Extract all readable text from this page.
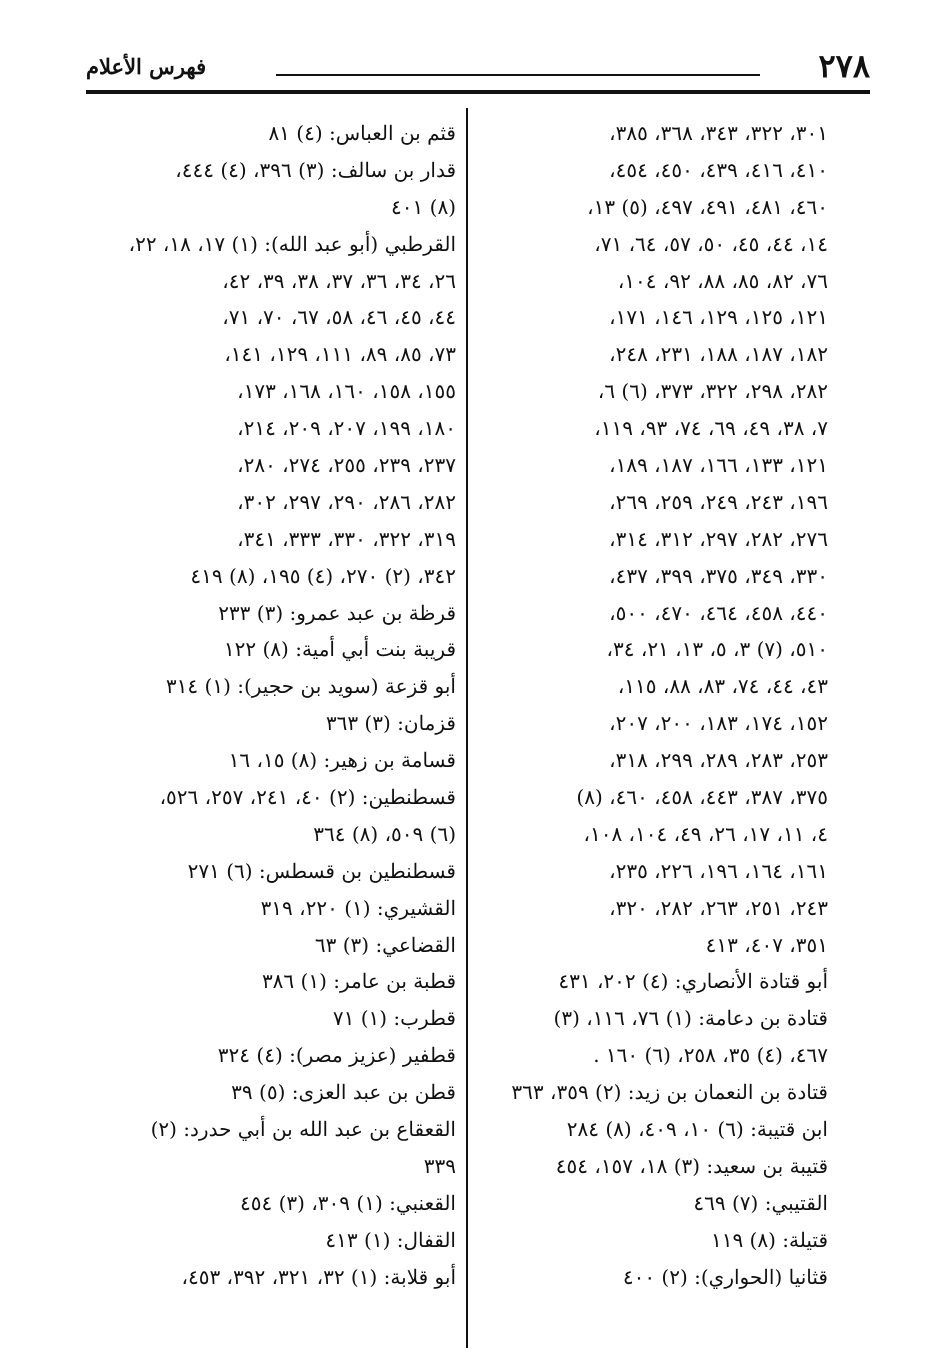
٢٧٨
فهرس الأعلام
٣٠١، ٣٢٢، ٣٤٣، ٣٦٨، ٣٨٥،
٤١٠، ٤١٦، ٤٣٩، ٤٥٠، ٤٥٤،
٤٦٠، ٤٨١، ٤٩١، ٤٩٧، (٥) ١٣،
١٤، ٤٤، ٤٥، ٥٠، ٥٧، ٦٤، ٧١،
٧٦، ٨٢، ٨٥، ٨٨، ٩٢، ١٠٤،
١٢١، ١٢٥، ١٢٩، ١٤٦، ١٧١،
١٨٢، ١٨٧، ١٨٨، ٢٣١، ٢٤٨،
٢٨٢، ٢٩٨، ٣٢٢، ٣٧٣، (٦) ٦،
٧، ٣٨، ٤٩، ٦٩، ٧٤، ٩٣، ١١٩،
١٢١، ١٣٣، ١٦٦، ١٨٧، ١٨٩،
١٩٦، ٢٤٣، ٢٤٩، ٢٥٩، ٢٦٩،
٢٧٦، ٢٨٢، ٢٩٧، ٣١٢، ٣١٤،
٣٣٠، ٣٤٩، ٣٧٥، ٣٩٩، ٤٣٧،
٤٤٠، ٤٥٨، ٤٦٤، ٤٧٠، ٥٠٠،
٥١٠، (٧) ٣، ٥، ١٣، ٢١، ٣٤،
٤٣، ٤٤، ٧٤، ٨٣، ٨٨، ١١٥،
١٥٢، ١٧٤، ١٨٣، ٢٠٠، ٢٠٧،
٢٥٣، ٢٨٣، ٢٨٩، ٢٩٩، ٣١٨،
٣٧٥، ٣٨٧، ٤٤٣، ٤٥٨، ٤٦٠، (٨)
٤، ١١، ١٧، ٢٦، ٤٩، ١٠٤، ١٠٨،
١٦١، ١٦٤، ١٩٦، ٢٢٦، ٢٣٥،
٢٤٣، ٢٥١، ٢٦٣، ٢٨٢، ٣٢٠،
٣٥١، ٤٠٧، ٤١٣
أبو قتادة الأنصاري: (٤) ٢٠٢، ٤٣١
قتادة بن دعامة: (١) ٧٦، ١١٦، (٣)
٤٦٧، (٤) ٣٥، ٢٥٨، (٦) ١٦٠ .
قتادة بن النعمان بن زيد: (٢) ٣٥٩، ٣٦٣
ابن قتيبة: (٦) ١٠، ٤٠٩، (٨) ٢٨٤
قتيبة بن سعيد: (٣) ١٨، ١٥٧، ٤٥٤
القتيبي: (٧) ٤٦٩
قتيلة: (٨) ١١٩
قثانيا (الحواري): (٢) ٤٠٠
قثم بن العباس: (٤) ٨١
قدار بن سالف: (٣) ٣٩٦، (٤) ٤٤٤،
(٨) ٤٠١
القرطبي (أبو عبد الله): (١) ١٧، ١٨، ٢٢،
٢٦، ٣٤، ٣٦، ٣٧، ٣٨، ٣٩، ٤٢،
٤٤، ٤٥، ٤٦، ٥٨، ٦٧، ٧٠، ٧١،
٧٣، ٨٥، ٨٩، ١١١، ١٢٩، ١٤١،
١٥٥، ١٥٨، ١٦٠، ١٦٨، ١٧٣،
١٨٠، ١٩٩، ٢٠٧، ٢٠٩، ٢١٤،
٢٣٧، ٢٣٩، ٢٥٥، ٢٧٤، ٢٨٠،
٢٨٢، ٢٨٦، ٢٩٠، ٢٩٧، ٣٠٢،
٣١٩، ٣٢٢، ٣٣٠، ٣٣٣، ٣٤١،
٣٤٢، (٢) ٢٧٠، (٤) ١٩٥، (٨) ٤١٩
قرظة بن عبد عمرو: (٣) ٢٣٣
قريبة بنت أبي أمية: (٨) ١٢٢
أبو قزعة (سويد بن حجير): (١) ٣١٤
قزمان: (٣) ٣٦٣
قسامة بن زهير: (٨) ١٥، ١٦
قسطنطين: (٢) ٤٠، ٢٤١، ٢٥٧، ٥٢٦،
(٦) ٥٠٩، (٨) ٣٦٤
قسطنطين بن قسطس: (٦) ٢٧١
القشيري: (١) ٢٢٠، ٣١٩
القضاعي: (٣) ٦٣
قطبة بن عامر: (١) ٣٨٦
قطرب: (١) ٧١
قطفير (عزيز مصر): (٤) ٣٢٤
قطن بن عبد العزى: (٥) ٣٩
القعقاع بن عبد الله بن أبي حدرد: (٢)
٣٣٩
القعنبي: (١) ٣٠٩، (٣) ٤٥٤
القفال: (١) ٤١٣
أبو قلابة: (١) ٣٢، ٣٢١، ٣٩٢، ٤٥٣،
